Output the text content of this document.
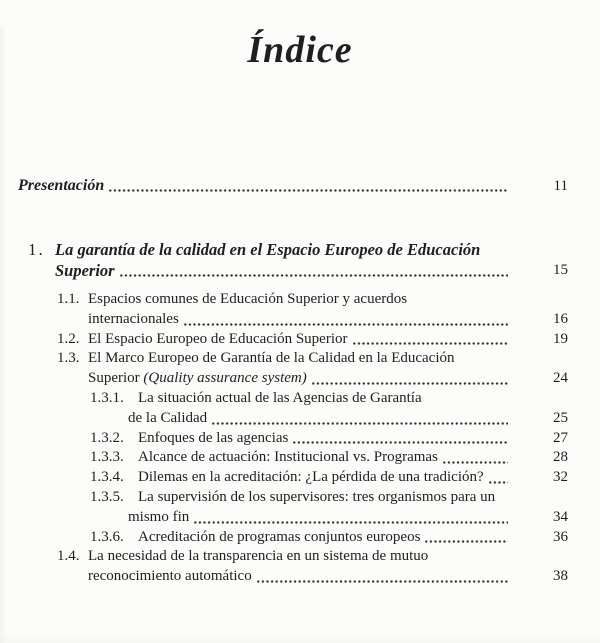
Índice
Presentación	11
1. La garantía de la calidad en el Espacio Europeo de Educación
Superior	15
1.1. Espacios comunes de Educación Superior y acuerdos
internacionales	16
1.2. El Espacio Europeo de Educación Superior	19
1.3. El Marco Europeo de Garantía de la Calidad en la Educación
Superior (Quality assurance system)	24
1.3.1. La situación actual de las Agencias de Garantía
de la Calidad	25
1.3.2. Enfoques de las agencias	27
1.3.3. Alcance de actuación: Institucional vs. Programas	28
1.3.4. Dilemas en la acreditación: ¿La pérdida de una tradición?	32
1.3.5. La supervisión de los supervisores: tres organismos para un
mismo fin	34
1.3.6. Acreditación de programas conjuntos europeos	36
1.4. La necesidad de la transparencia en un sistema de mutuo
reconocimiento automático	38
